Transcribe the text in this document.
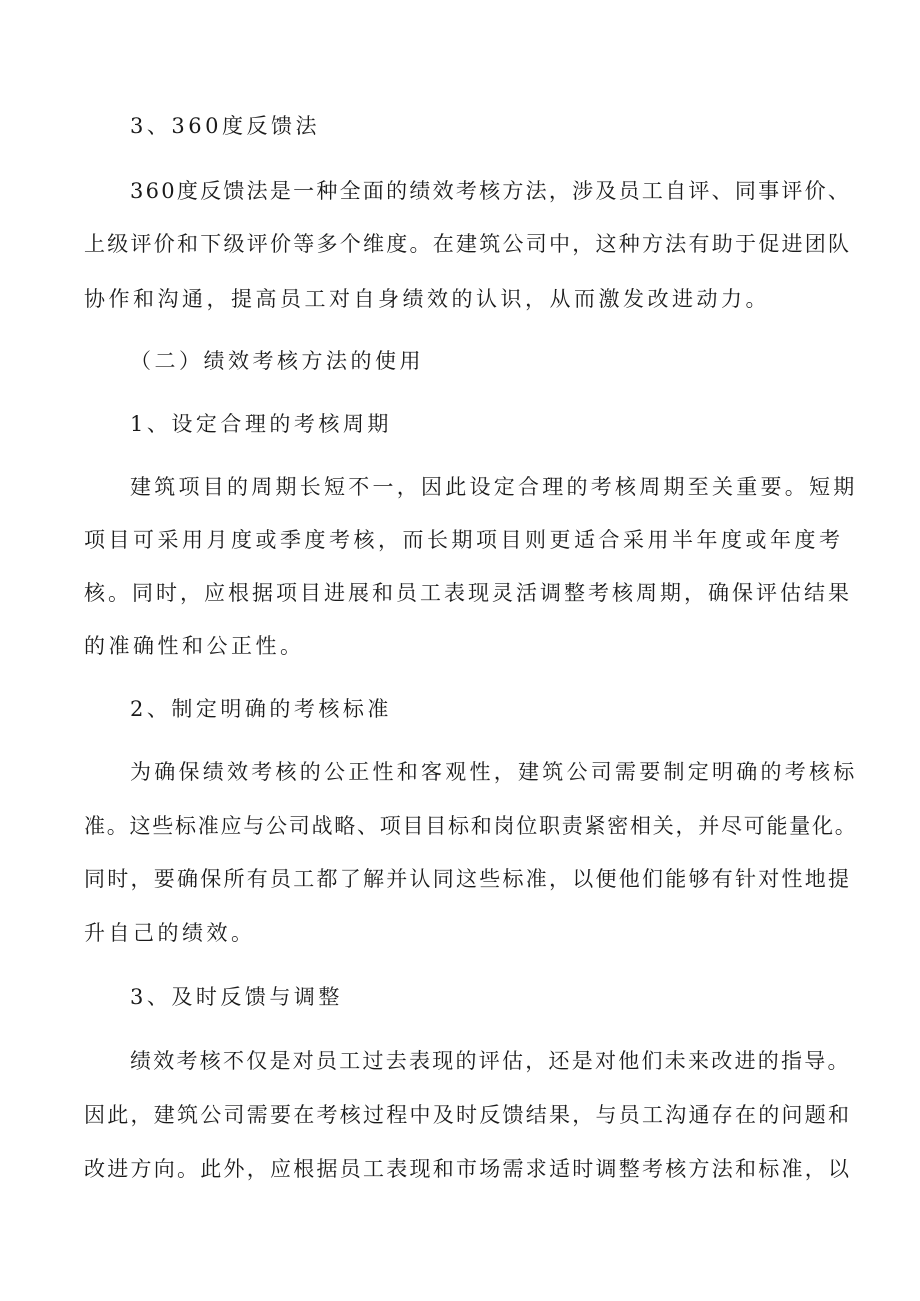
3、360度反馈法

360度反馈法是一种全面的绩效考核方法，涉及员工自评、同事评价、

上级评价和下级评价等多个维度。在建筑公司中，这种方法有助于促进团队

协作和沟通，提高员工对自身绩效的认识，从而激发改进动力。

（二）绩效考核方法的使用

1、设定合理的考核周期

建筑项目的周期长短不一，因此设定合理的考核周期至关重要。短期

项目可采用月度或季度考核，而长期项目则更适合采用半年度或年度考

核。同时，应根据项目进展和员工表现灵活调整考核周期，确保评估结果

的准确性和公正性。

2、制定明确的考核标准

为确保绩效考核的公正性和客观性，建筑公司需要制定明确的考核标

准。这些标准应与公司战略、项目目标和岗位职责紧密相关，并尽可能量化。

同时，要确保所有员工都了解并认同这些标准，以便他们能够有针对性地提

升自己的绩效。

3、及时反馈与调整

绩效考核不仅是对员工过去表现的评估，还是对他们未来改进的指导。

因此，建筑公司需要在考核过程中及时反馈结果，与员工沟通存在的问题和

改进方向。此外，应根据员工表现和市场需求适时调整考核方法和标准，以
